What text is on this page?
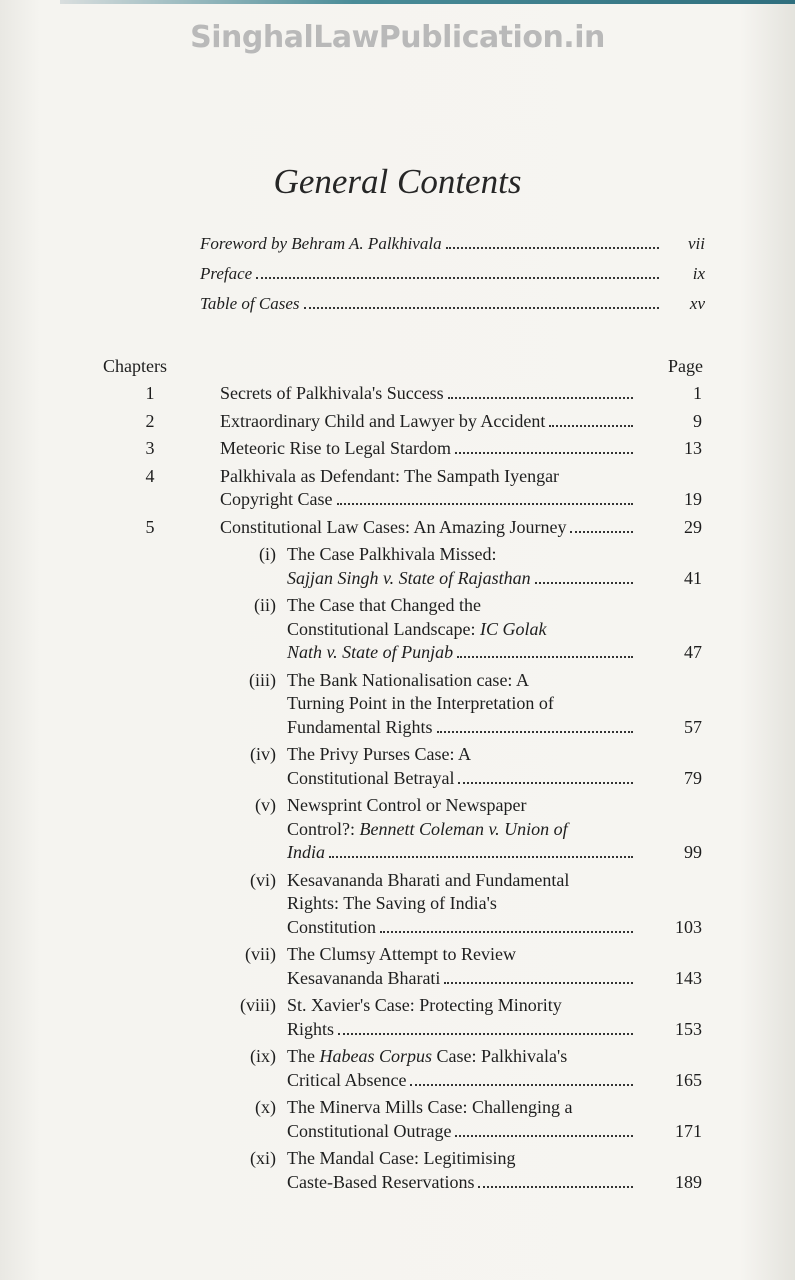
SinghalLawPublication.in
General Contents
Foreword by Behram A. Palkhivala	vii
Preface	ix
Table of Cases	xv
Chapters	Page
1	Secrets of Palkhivala's Success	1
2	Extraordinary Child and Lawyer by Accident	9
3	Meteoric Rise to Legal Stardom	13
4	Palkhivala as Defendant: The Sampath Iyengar
Copyright Case	19
5	Constitutional Law Cases: An Amazing Journey	29
(i) The Case Palkhivala Missed:
Sajjan Singh v. State of Rajasthan	41
(ii) The Case that Changed the
Constitutional Landscape: IC Golak
Nath v. State of Punjab	47
(iii) The Bank Nationalisation case: A
Turning Point in the Interpretation of
Fundamental Rights	57
(iv) The Privy Purses Case: A
Constitutional Betrayal	79
(v) Newsprint Control or Newspaper
Control?: Bennett Coleman v. Union of
India	99
(vi) Kesavananda Bharati and Fundamental
Rights: The Saving of India's
Constitution	103
(vii) The Clumsy Attempt to Review
Kesavananda Bharati	143
(viii) St. Xavier's Case: Protecting Minority
Rights	153
(ix) The Habeas Corpus Case: Palkhivala's
Critical Absence	165
(x) The Minerva Mills Case: Challenging a
Constitutional Outrage	171
(xi) The Mandal Case: Legitimising
Caste-Based Reservations	189
